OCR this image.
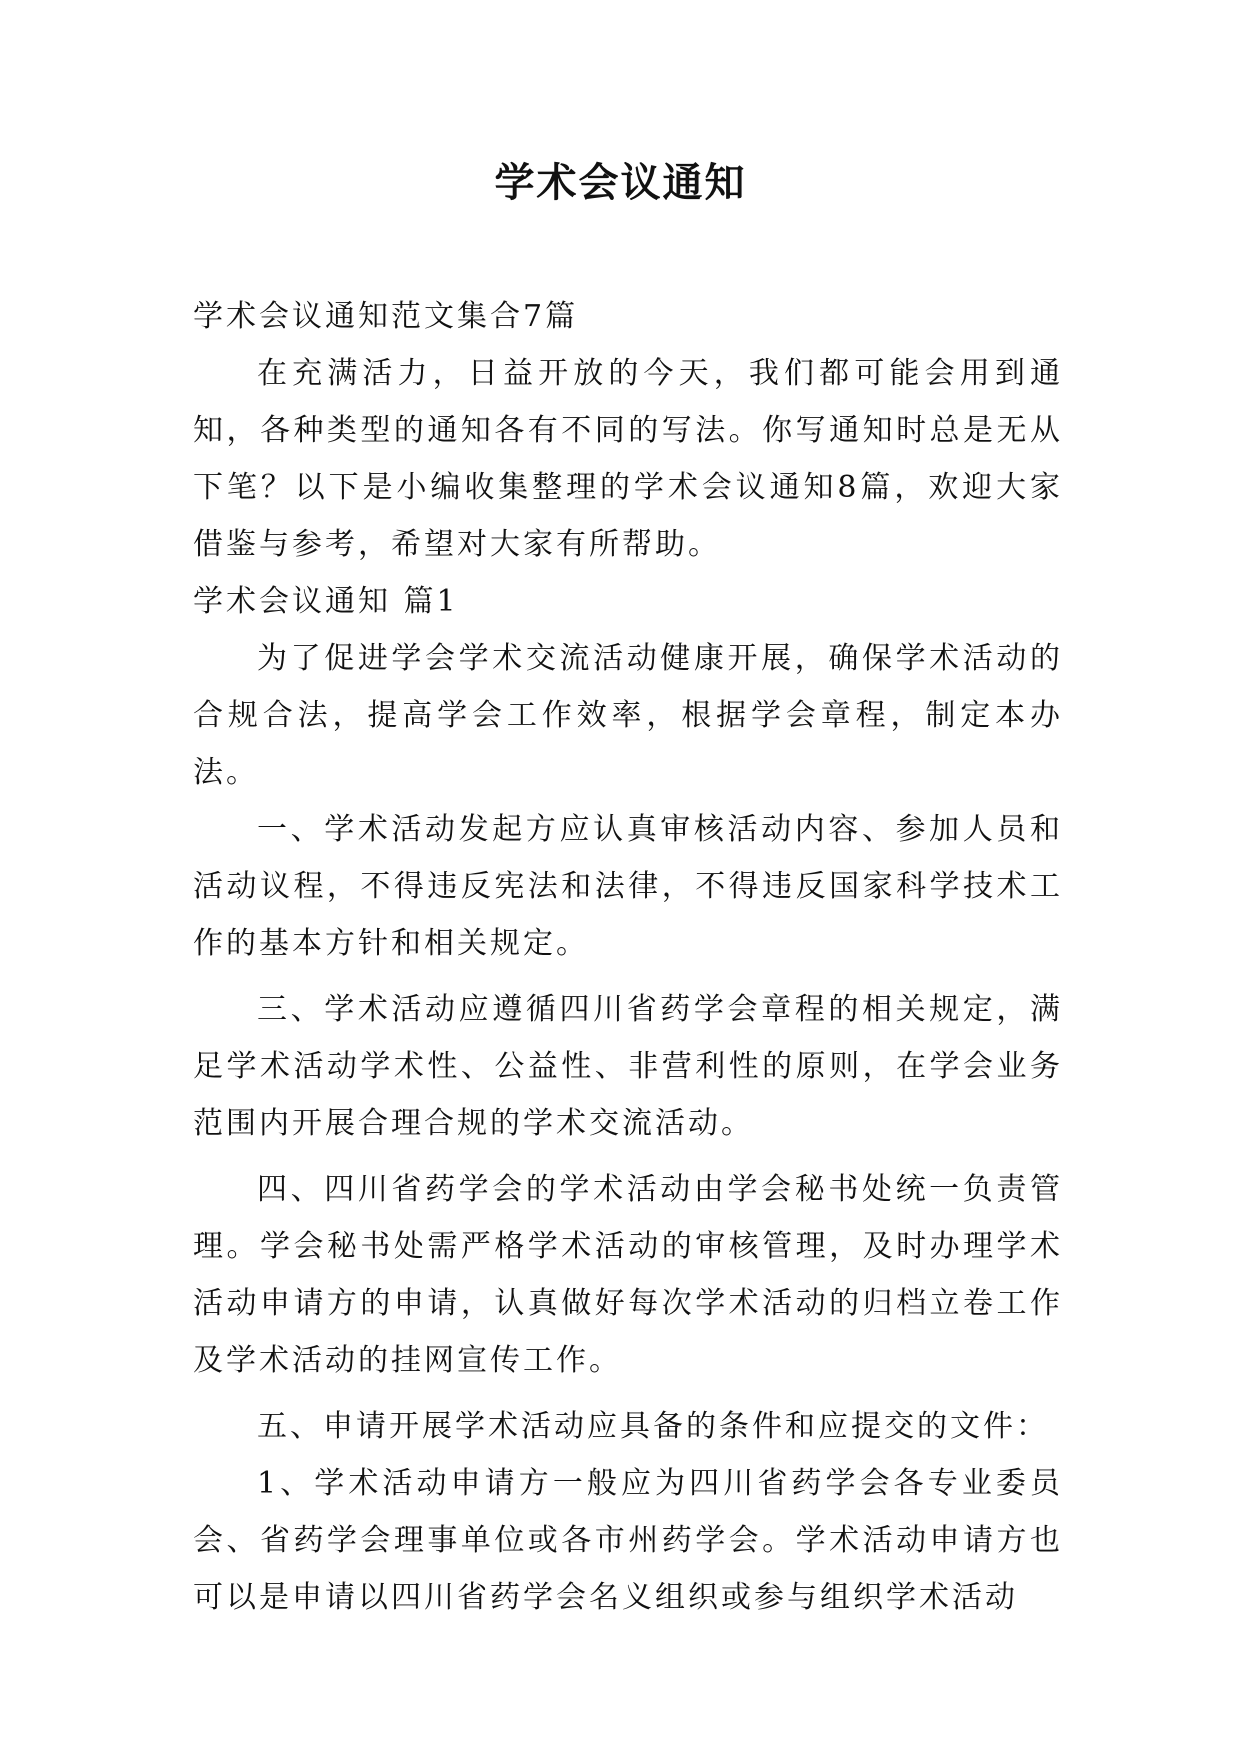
学术会议通知
学术会议通知范文集合7篇
在充满活力，日益开放的今天，我们都可能会用到通知，各种类型的通知各有不同的写法。你写通知时总是无从下笔？以下是小编收集整理的学术会议通知8篇，欢迎大家借鉴与参考，希望对大家有所帮助。
学术会议通知 篇1
为了促进学会学术交流活动健康开展，确保学术活动的合规合法，提高学会工作效率，根据学会章程，制定本办法。
一、学术活动发起方应认真审核活动内容、参加人员和活动议程，不得违反宪法和法律，不得违反国家科学技术工作的基本方针和相关规定。
三、学术活动应遵循四川省药学会章程的相关规定，满足学术活动学术性、公益性、非营利性的原则，在学会业务范围内开展合理合规的学术交流活动。
四、四川省药学会的学术活动由学会秘书处统一负责管理。学会秘书处需严格学术活动的审核管理，及时办理学术活动申请方的申请，认真做好每次学术活动的归档立卷工作及学术活动的挂网宣传工作。
五、申请开展学术活动应具备的条件和应提交的文件：
1、学术活动申请方一般应为四川省药学会各专业委员会、省药学会理事单位或各市州药学会。学术活动申请方也可以是申请以四川省药学会名义组织或参与组织学术活动
